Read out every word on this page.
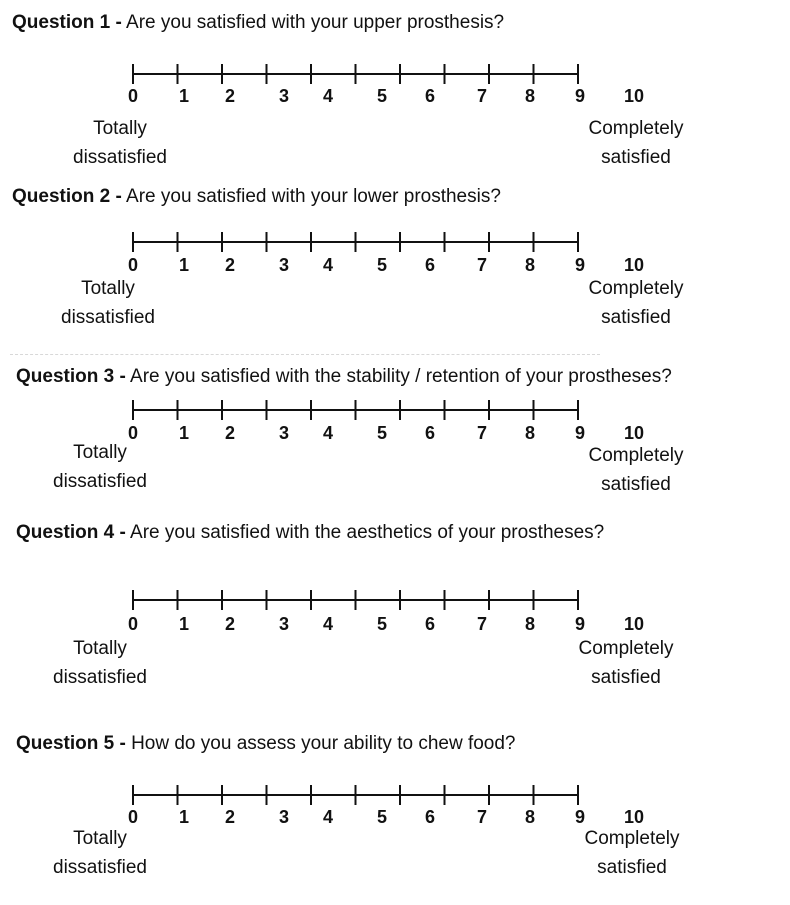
Question 1 - Are you satisfied with your upper prosthesis?
0 1 2 3 4 5 6 7 8 9 10
Totally
dissatisfied
Completely
satisfied
Question 2 - Are you satisfied with your lower prosthesis?
0 1 2 3 4 5 6 7 8 9 10
Totally
dissatisfied
Completely
satisfied
Question 3 - Are you satisfied with the stability / retention of your prostheses?
0 1 2 3 4 5 6 7 8 9 10
Totally
dissatisfied
Completely
satisfied
Question 4 - Are you satisfied with the aesthetics of your prostheses?
0 1 2 3 4 5 6 7 8 9 10
Totally
dissatisfied
Completely
satisfied
Question 5 - How do you assess your ability to chew food?
0 1 2 3 4 5 6 7 8 9 10
Totally
dissatisfied
Completely
satisfied
